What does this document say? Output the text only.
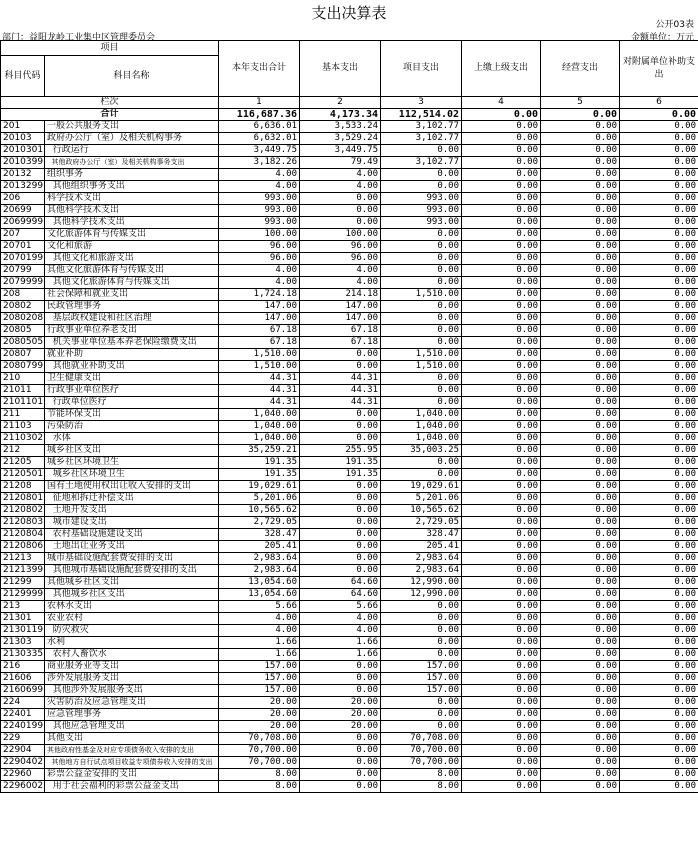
支出决算表
公开03表
部门：益阳龙岭工业集中区管理委员会	金额单位：万元
项目		本年支出合计	基本支出	项目支出	上缴上级支出	经营支出	对附属单位补助支出
科目代码	科目名称						
栏次		1	2	3	4	5	6
合计		116,687.36	4,173.34	112,514.02	0.00	0.00	0.00
201	一般公共服务支出	6,636.01	3,533.24	3,102.77	0.00	0.00	0.00
20103	政府办公厅（室）及相关机构事务	6,632.01	3,529.24	3,102.77	0.00	0.00	0.00
2010301	行政运行	3,449.75	3,449.75	0.00	0.00	0.00	0.00
2010399	其他政府办公厅（室）及相关机构事务支出	3,182.26	79.49	3,102.77	0.00	0.00	0.00
20132	组织事务	4.00	4.00	0.00	0.00	0.00	0.00
2013299	其他组织事务支出	4.00	4.00	0.00	0.00	0.00	0.00
206	科学技术支出	993.00	0.00	993.00	0.00	0.00	0.00
20699	其他科学技术支出	993.00	0.00	993.00	0.00	0.00	0.00
2069999	其他科学技术支出	993.00	0.00	993.00	0.00	0.00	0.00
207	文化旅游体育与传媒支出	100.00	100.00	0.00	0.00	0.00	0.00
20701	文化和旅游	96.00	96.00	0.00	0.00	0.00	0.00
2070199	其他文化和旅游支出	96.00	96.00	0.00	0.00	0.00	0.00
20799	其他文化旅游体育与传媒支出	4.00	4.00	0.00	0.00	0.00	0.00
2079999	其他文化旅游体育与传媒支出	4.00	4.00	0.00	0.00	0.00	0.00
208	社会保障和就业支出	1,724.18	214.18	1,510.00	0.00	0.00	0.00
20802	民政管理事务	147.00	147.00	0.00	0.00	0.00	0.00
2080208	基层政权建设和社区治理	147.00	147.00	0.00	0.00	0.00	0.00
20805	行政事业单位养老支出	67.18	67.18	0.00	0.00	0.00	0.00
2080505	机关事业单位基本养老保险缴费支出	67.18	67.18	0.00	0.00	0.00	0.00
20807	就业补助	1,510.00	0.00	1,510.00	0.00	0.00	0.00
2080799	其他就业补助支出	1,510.00	0.00	1,510.00	0.00	0.00	0.00
210	卫生健康支出	44.31	44.31	0.00	0.00	0.00	0.00
21011	行政事业单位医疗	44.31	44.31	0.00	0.00	0.00	0.00
2101101	行政单位医疗	44.31	44.31	0.00	0.00	0.00	0.00
211	节能环保支出	1,040.00	0.00	1,040.00	0.00	0.00	0.00
21103	污染防治	1,040.00	0.00	1,040.00	0.00	0.00	0.00
2110302	水体	1,040.00	0.00	1,040.00	0.00	0.00	0.00
212	城乡社区支出	35,259.21	255.95	35,003.25	0.00	0.00	0.00
21205	城乡社区环境卫生	191.35	191.35	0.00	0.00	0.00	0.00
2120501	城乡社区环境卫生	191.35	191.35	0.00	0.00	0.00	0.00
21208	国有土地使用权出让收入安排的支出	19,029.61	0.00	19,029.61	0.00	0.00	0.00
2120801	征地和拆迁补偿支出	5,201.06	0.00	5,201.06	0.00	0.00	0.00
2120802	土地开发支出	10,565.62	0.00	10,565.62	0.00	0.00	0.00
2120803	城市建设支出	2,729.05	0.00	2,729.05	0.00	0.00	0.00
2120804	农村基础设施建设支出	328.47	0.00	328.47	0.00	0.00	0.00
2120806	土地出让业务支出	205.41	0.00	205.41	0.00	0.00	0.00
21213	城市基础设施配套费安排的支出	2,983.64	0.00	2,983.64	0.00	0.00	0.00
2121399	其他城市基础设施配套费安排的支出	2,983.64	0.00	2,983.64	0.00	0.00	0.00
21299	其他城乡社区支出	13,054.60	64.60	12,990.00	0.00	0.00	0.00
2129999	其他城乡社区支出	13,054.60	64.60	12,990.00	0.00	0.00	0.00
213	农林水支出	5.66	5.66	0.00	0.00	0.00	0.00
21301	农业农村	4.00	4.00	0.00	0.00	0.00	0.00
2130119	防灾救灾	4.00	4.00	0.00	0.00	0.00	0.00
21303	水利	1.66	1.66	0.00	0.00	0.00	0.00
2130335	农村人畜饮水	1.66	1.66	0.00	0.00	0.00	0.00
216	商业服务业等支出	157.00	0.00	157.00	0.00	0.00	0.00
21606	涉外发展服务支出	157.00	0.00	157.00	0.00	0.00	0.00
2160699	其他涉外发展服务支出	157.00	0.00	157.00	0.00	0.00	0.00
224	灾害防治及应急管理支出	20.00	20.00	0.00	0.00	0.00	0.00
22401	应急管理事务	20.00	20.00	0.00	0.00	0.00	0.00
2240199	其他应急管理支出	20.00	20.00	0.00	0.00	0.00	0.00
229	其他支出	70,708.00	0.00	70,708.00	0.00	0.00	0.00
22904	其他政府性基金及对应专项债务收入安排的支出	70,700.00	0.00	70,700.00	0.00	0.00	0.00
2290402	其他地方自行试点项目收益专项债券收入安排的支出	70,700.00	0.00	70,700.00	0.00	0.00	0.00
22960	彩票公益金安排的支出	8.00	0.00	8.00	0.00	0.00	0.00
2296002	用于社会福利的彩票公益金支出	8.00	0.00	8.00	0.00	0.00	0.00
